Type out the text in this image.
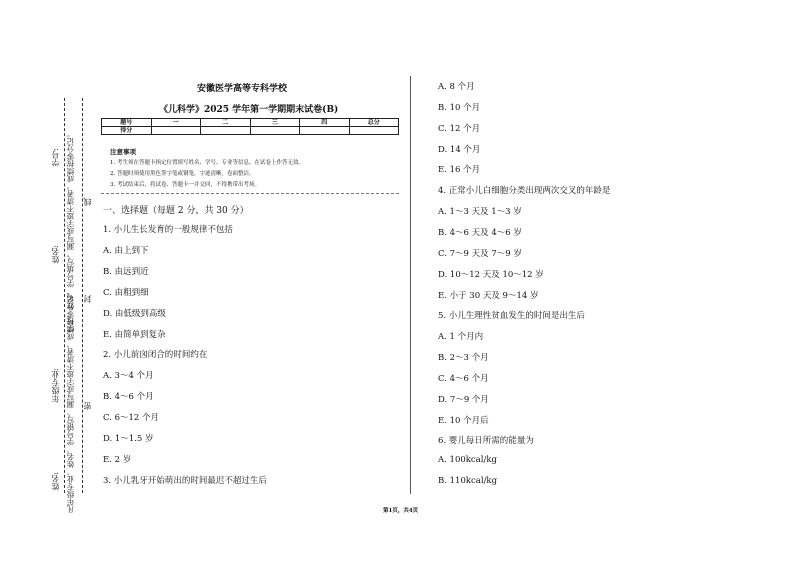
学号:
姓名:
年级专业:
姓名:
学号、姓名、学号填写，漏写或字迹不清者，成绩按零分记。
凡年级专业、姓名、学号错写、漏写或字迹不清者，成绩按零分记。 密
封
线
安徽医学高等专科学校
《儿科学》2025 学年第一学期期末试卷(B)
题号	一	二	三	四	总分
得分					
注意事项
1. 考生须在答题卡指定位置填写姓名、学号、专业等信息，在试卷上作答无效。
2. 答题时须使用黑色签字笔或钢笔，字迹清晰，卷面整洁。
3. 考试结束后，将试卷、答题卡一并交回，不得携带出考场。
一、选择题（每题 2 分，共 30 分）
1. 小儿生长发育的一般规律不包括
A. 由上到下
B. 由远到近
C. 由粗到细
D. 由低级到高级
E. 由简单到复杂
2. 小儿前囟闭合的时间约在
A. 3～4 个月
B. 4～6 个月
C. 6～12 个月
D. 1～1.5 岁
E. 2 岁
3. 小儿乳牙开始萌出的时间最迟不超过生后
A. 8 个月
B. 10 个月
C. 12 个月
D. 14 个月
E. 16 个月
4. 正常小儿白细胞分类出现两次交叉的年龄是
A. 1～3 天及 1～3 岁
B. 4～6 天及 4～6 岁
C. 7～9 天及 7～9 岁
D. 10～12 天及 10～12 岁
E. 小于 30 天及 9～14 岁
5. 小儿生理性贫血发生的时间是出生后
A. 1 个月内
B. 2～3 个月
C. 4～6 个月
D. 7～9 个月
E. 10 个月后
6. 婴儿每日所需的能量为
A. 100kcal/kg
B. 110kcal/kg
第1页，共4页
